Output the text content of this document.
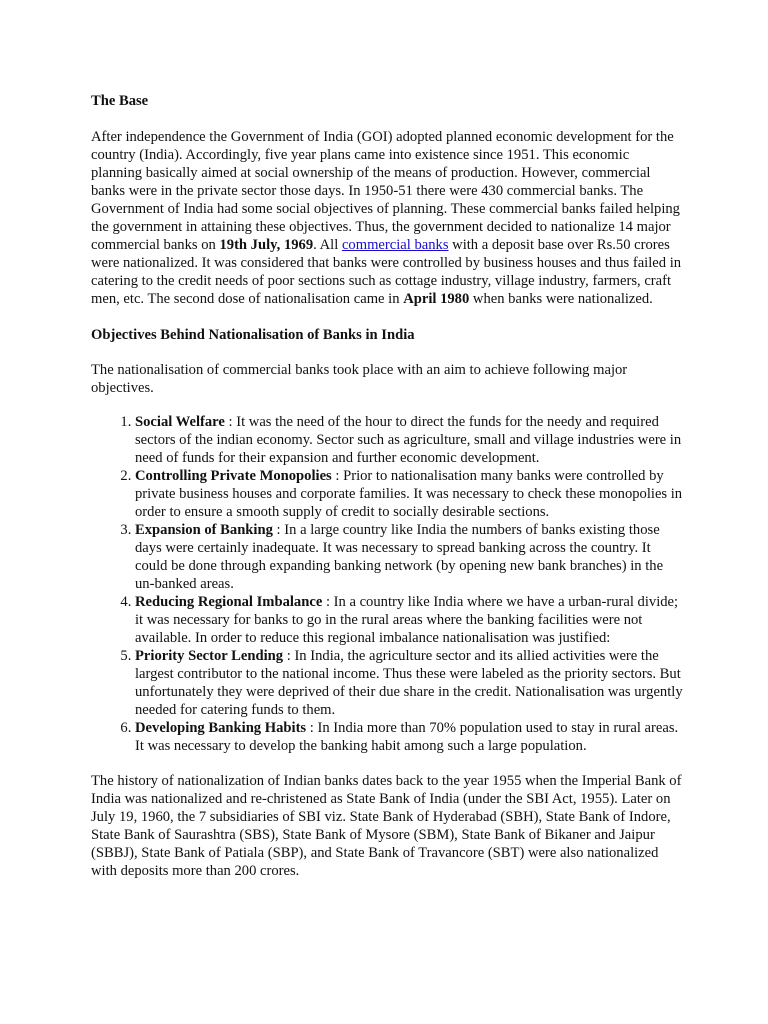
The Base

After independence the Government of India (GOI) adopted planned economic development for the country (India). Accordingly, five year plans came into existence since 1951. This economic planning basically aimed at social ownership of the means of production. However, commercial banks were in the private sector those days. In 1950-51 there were 430 commercial banks. The Government of India had some social objectives of planning. These commercial banks failed helping the government in attaining these objectives. Thus, the government decided to nationalize 14 major commercial banks on 19th July, 1969. All commercial banks with a deposit base over Rs.50 crores were nationalized. It was considered that banks were controlled by business houses and thus failed in catering to the credit needs of poor sections such as cottage industry, village industry, farmers, craft men, etc. The second dose of nationalisation came in April 1980 when banks were nationalized.

Objectives Behind Nationalisation of Banks in India

The nationalisation of commercial banks took place with an aim to achieve following major objectives.

1. Social Welfare : It was the need of the hour to direct the funds for the needy and required sectors of the indian economy. Sector such as agriculture, small and village industries were in need of funds for their expansion and further economic development.
2. Controlling Private Monopolies : Prior to nationalisation many banks were controlled by private business houses and corporate families. It was necessary to check these monopolies in order to ensure a smooth supply of credit to socially desirable sections.
3. Expansion of Banking : In a large country like India the numbers of banks existing those days were certainly inadequate. It was necessary to spread banking across the country. It could be done through expanding banking network (by opening new bank branches) in the un-banked areas.
4. Reducing Regional Imbalance : In a country like India where we have a urban-rural divide; it was necessary for banks to go in the rural areas where the banking facilities were not available. In order to reduce this regional imbalance nationalisation was justified:
5. Priority Sector Lending : In India, the agriculture sector and its allied activities were the largest contributor to the national income. Thus these were labeled as the priority sectors. But unfortunately they were deprived of their due share in the credit. Nationalisation was urgently needed for catering funds to them.
6. Developing Banking Habits : In India more than 70% population used to stay in rural areas. It was necessary to develop the banking habit among such a large population.

The history of nationalization of Indian banks dates back to the year 1955 when the Imperial Bank of India was nationalized and re-christened as State Bank of India (under the SBI Act, 1955). Later on July 19, 1960, the 7 subsidiaries of SBI viz. State Bank of Hyderabad (SBH), State Bank of Indore, State Bank of Saurashtra (SBS), State Bank of Mysore (SBM), State Bank of Bikaner and Jaipur (SBBJ), State Bank of Patiala (SBP), and State Bank of Travancore (SBT) were also nationalized with deposits more than 200 crores.
